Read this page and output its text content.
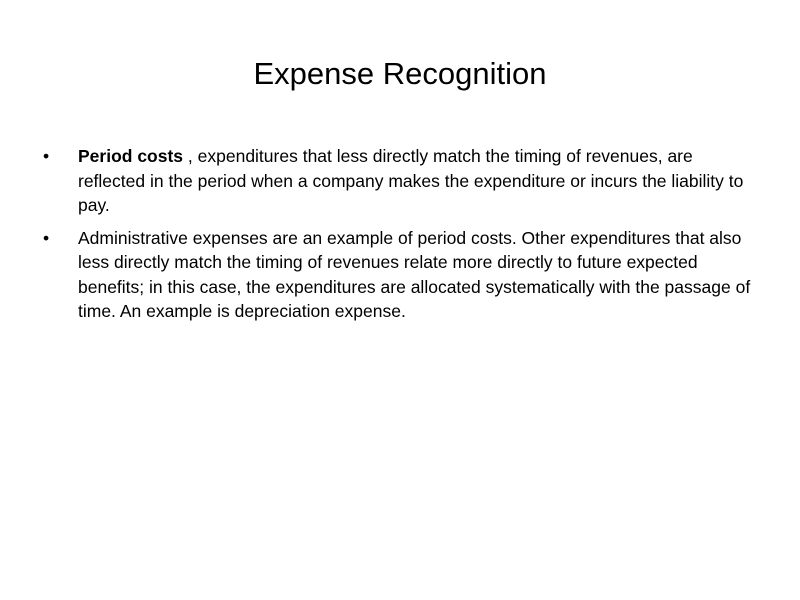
Expense Recognition
• Period costs , expenditures that less directly match the timing of revenues, are reflected in the period when a company makes the expenditure or incurs the liability to pay.
• Administrative expenses are an example of period costs. Other expenditures that also less directly match the timing of revenues relate more directly to future expected benefits; in this case, the expenditures are allocated systematically with the passage of time. An example is depreciation expense.
